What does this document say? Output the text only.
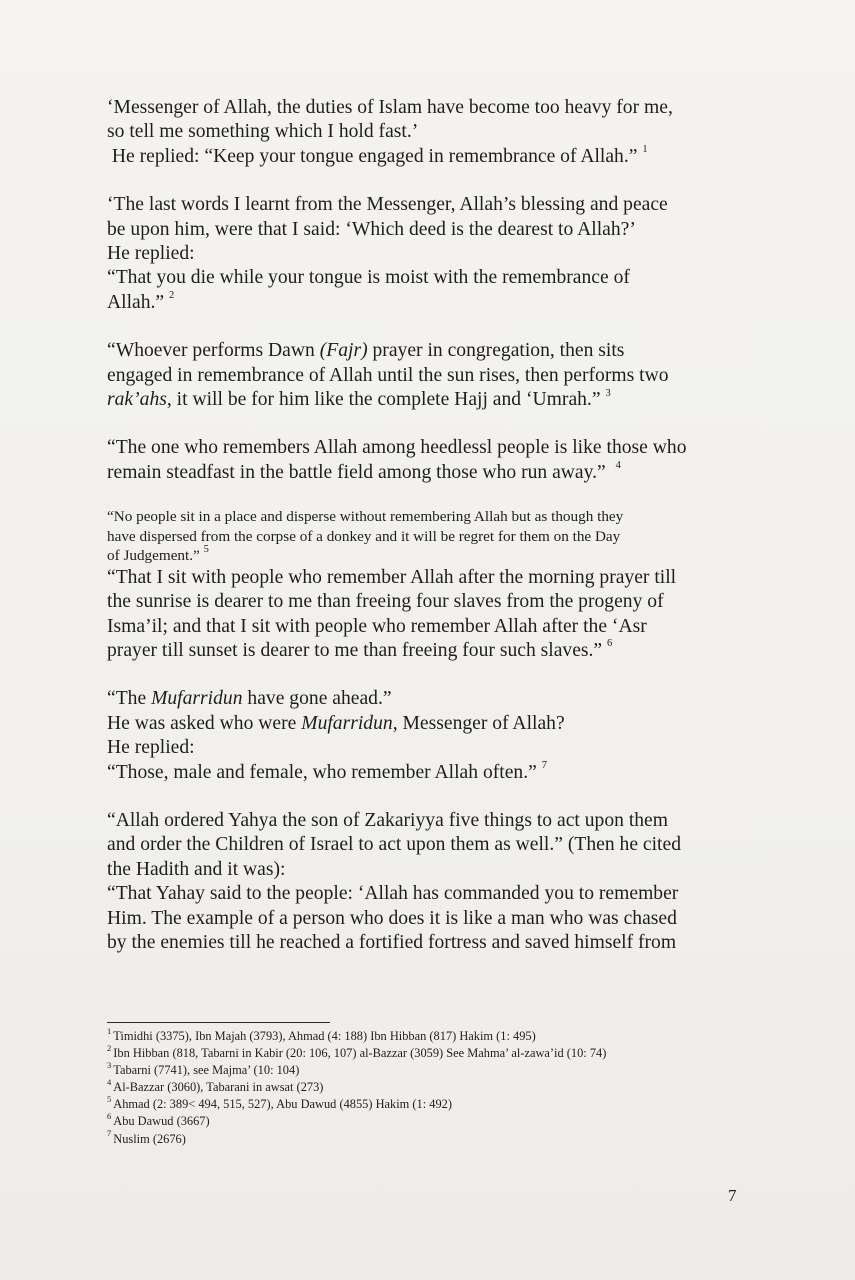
‘Messenger of Allah, the duties of Islam have become too heavy for me,
so tell me something which I hold fast.’
He replied: “Keep your tongue engaged in remembrance of Allah.” $^1$

‘The last words I learnt from the Messenger, Allah’s blessing and peace
be upon him, were that I said: ‘Which deed is the dearest to Allah?’
He replied:
“That you die while your tongue is moist with the remembrance of
Allah.” $^2$

“Whoever performs Dawn (Fajr) prayer in congregation, then sits
engaged in remembrance of Allah until the sun rises, then performs two
rak’ahs, it will be for him like the complete Hajj and ‘Umrah.” $^3$

“The one who remembers Allah among heedlessl people is like those who
remain steadfast in the battle field among those who run away.”  $^4$

“No people sit in a place and disperse without remembering Allah but as though they
have dispersed from the corpse of a donkey and it will be regret for them on the Day
of Judgement.” $^5$

“That I sit with people who remember Allah after the morning prayer till
the sunrise is dearer to me than freeing four slaves from the progeny of
Isma’il; and that I sit with people who remember Allah after the ‘Asr
prayer till sunset is dearer to me than freeing four such slaves.” $^6$

“The Mufarridun have gone ahead.”
He was asked who were Mufarridun, Messenger of Allah?
He replied:
“Those, male and female, who remember Allah often.” $^7$

“Allah ordered Yahya the son of Zakariyya five things to act upon them
and order the Children of Israel to act upon them as well.” (Then he cited
the Hadith and it was):
“That Yahay said to the people: ‘Allah has commanded you to remember
Him. The example of a person who does it is like a man who was chased
by the enemies till he reached a fortified fortress and saved himself from

$^1$ Timidhi (3375), Ibn Majah (3793), Ahmad (4: 188) Ibn Hibban (817) Hakim (1: 495)
$^2$ Ibn Hibban (818, Tabarni in Kabir (20: 106, 107) al-Bazzar (3059) See Mahma’ al-zawa’id (10: 74)
$^3$ Tabarni (7741), see Majma’ (10: 104)
$^4$ Al-Bazzar (3060), Tabarani in awsat (273)
$^5$ Ahmad (2: 389< 494, 515, 527), Abu Dawud (4855) Hakim (1: 492)
$^6$ Abu Dawud (3667)
$^7$ Nuslim (2676)
7
